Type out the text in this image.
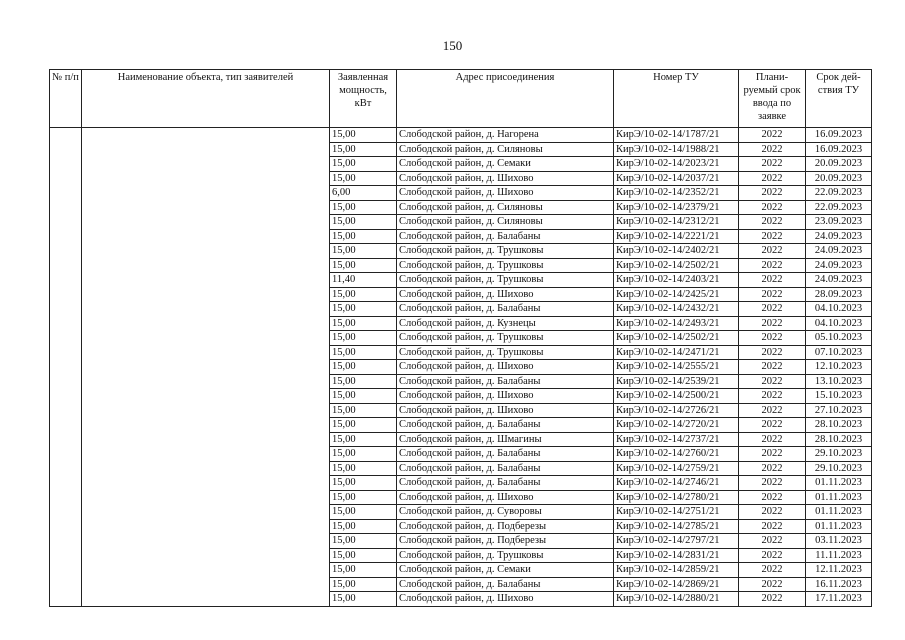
150
№ п/п	Наименование объекта, тип заявителей	Заявленная мощность, кВт	Адрес присоединения	Номер ТУ	Плани-руемый срок ввода по заявке	Срок дей-ствия ТУ
		15,00	Слободской район, д. Нагорена	КирЭ/10-02-14/1787/21	2022	16.09.2023
		15,00	Слободской район, д. Силяновы	КирЭ/10-02-14/1988/21	2022	16.09.2023
		15,00	Слободской район, д. Семаки	КирЭ/10-02-14/2023/21	2022	20.09.2023
		15,00	Слободской район, д. Шихово	КирЭ/10-02-14/2037/21	2022	20.09.2023
		6,00	Слободской район, д. Шихово	КирЭ/10-02-14/2352/21	2022	22.09.2023
		15,00	Слободской район, д. Силяновы	КирЭ/10-02-14/2379/21	2022	22.09.2023
		15,00	Слободской район, д. Силяновы	КирЭ/10-02-14/2312/21	2022	23.09.2023
		15,00	Слободской район, д. Балабаны	КирЭ/10-02-14/2221/21	2022	24.09.2023
		15,00	Слободской район, д. Трушковы	КирЭ/10-02-14/2402/21	2022	24.09.2023
		15,00	Слободской район, д. Трушковы	КирЭ/10-02-14/2502/21	2022	24.09.2023
		11,40	Слободской район, д. Трушковы	КирЭ/10-02-14/2403/21	2022	24.09.2023
		15,00	Слободской район, д. Шихово	КирЭ/10-02-14/2425/21	2022	28.09.2023
		15,00	Слободской район, д. Балабаны	КирЭ/10-02-14/2432/21	2022	04.10.2023
		15,00	Слободской район, д. Кузнецы	КирЭ/10-02-14/2493/21	2022	04.10.2023
		15,00	Слободской район, д. Трушковы	КирЭ/10-02-14/2502/21	2022	05.10.2023
		15,00	Слободской район, д. Трушковы	КирЭ/10-02-14/2471/21	2022	07.10.2023
		15,00	Слободской район, д. Шихово	КирЭ/10-02-14/2555/21	2022	12.10.2023
		15,00	Слободской район, д. Балабаны	КирЭ/10-02-14/2539/21	2022	13.10.2023
		15,00	Слободской район, д. Шихово	КирЭ/10-02-14/2500/21	2022	15.10.2023
		15,00	Слободской район, д. Шихово	КирЭ/10-02-14/2726/21	2022	27.10.2023
		15,00	Слободской район, д. Балабаны	КирЭ/10-02-14/2720/21	2022	28.10.2023
		15,00	Слободской район, д. Шмагины	КирЭ/10-02-14/2737/21	2022	28.10.2023
		15,00	Слободской район, д. Балабаны	КирЭ/10-02-14/2760/21	2022	29.10.2023
		15,00	Слободской район, д. Балабаны	КирЭ/10-02-14/2759/21	2022	29.10.2023
		15,00	Слободской район, д. Балабаны	КирЭ/10-02-14/2746/21	2022	01.11.2023
		15,00	Слободской район, д. Шихово	КирЭ/10-02-14/2780/21	2022	01.11.2023
		15,00	Слободской район, д. Суворовы	КирЭ/10-02-14/2751/21	2022	01.11.2023
		15,00	Слободской район, д. Подберезы	КирЭ/10-02-14/2785/21	2022	01.11.2023
		15,00	Слободской район, д. Подберезы	КирЭ/10-02-14/2797/21	2022	03.11.2023
		15,00	Слободской район, д. Трушковы	КирЭ/10-02-14/2831/21	2022	11.11.2023
		15,00	Слободской район, д. Семаки	КирЭ/10-02-14/2859/21	2022	12.11.2023
		15,00	Слободской район, д. Балабаны	КирЭ/10-02-14/2869/21	2022	16.11.2023
		15,00	Слободской район, д. Шихово	КирЭ/10-02-14/2880/21	2022	17.11.2023
